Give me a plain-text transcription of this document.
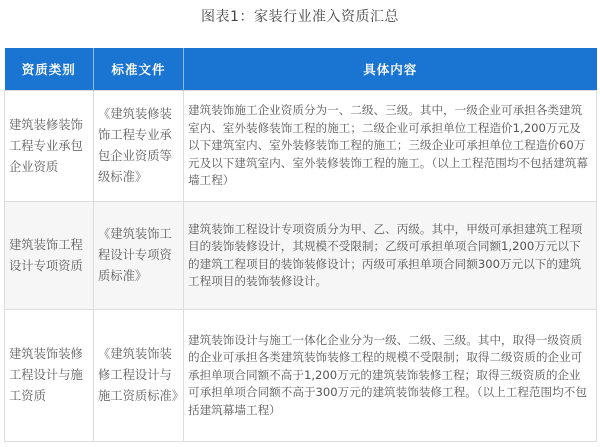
图表1：家装行业准入资质汇总
资质类别	标准文件	具体内容
建筑装修装饰工程专业承包企业资质	《建筑装修装饰工程专业承包企业资质等级标准》	建筑装饰施工企业资质分为一、二级、三级。其中，一级企业可承担各类建筑室内、室外装修装饰工程的施工；二级企业可承担单位工程造价1,200万元及以下建筑室内、室外装修装饰工程的施工；三级企业可承担单位工程造价60万元及以下建筑室内、室外装修装饰工程的施工。（以上工程范围均不包括建筑幕墙工程）
建筑装饰工程设计专项资质	《建筑装饰工程设计专项资质标准》	建筑装饰工程设计专项资质分为甲、乙、丙级。其中，甲级可承担建筑工程项目的装饰装修设计，其规模不受限制；乙级可承担单项合同额1,200万元以下的建筑工程项目的装饰装修设计；丙级可承担单项合同额300万元以下的建筑工程项目的装饰装修设计。
建筑装饰装修工程设计与施工资质	《建筑装饰装修工程设计与施工资质标准》	建筑装饰设计与施工一体化企业分为一级、二级、三级。其中，取得一级资质的企业可承担各类建筑装饰装修工程的规模不受限制；取得二级资质的企业可承担单项合同额不高于1,200万元的建筑装饰装修工程；取得三级资质的企业可承担单项合同额不高于300万元的建筑装饰装修工程。（以上工程范围均不包括建筑幕墙工程）
